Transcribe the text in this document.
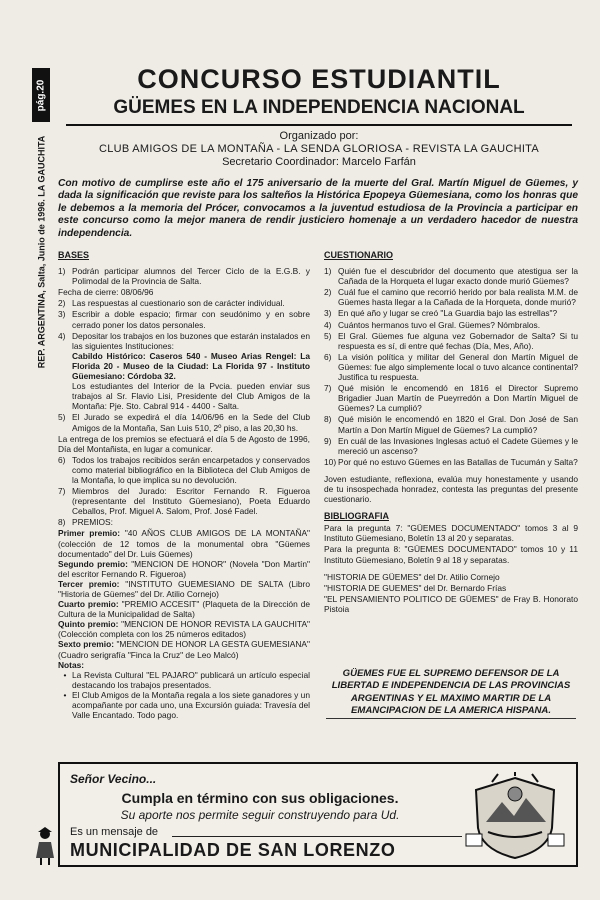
pág.20
REP. ARGENTINA, Salta, Junio de 1996. LA GAUCHITA
CONCURSO ESTUDIANTIL
GÜEMES EN LA INDEPENDENCIA NACIONAL
Organizado por:
CLUB AMIGOS DE LA MONTAÑA - LA SENDA GLORIOSA - REVISTA LA GAUCHITA
Secretario Coordinador: Marcelo Farfán
Con motivo de cumplirse este año el 175 aniversario de la muerte del Gral. Martín Miguel de Güemes, y dada la significación que reviste para los salteños la Histórica Epopeya Güemesiana, como los honras que le debemos a la memoria del Prócer, convocamos a la juventud estudiosa de la Provincia a participar en este concurso como la mejor manera de rendir justiciero homenaje a un verdadero hacedor de nuestra independencia.
BASES
1) Podrán participar alumnos del Tercer Ciclo de la E.G.B. y Polimodal de la Provincia de Salta.
Fecha de cierre: 08/06/96
2) Las respuestas al cuestionario son de carácter individual.
3) Escribir a doble espacio; firmar con seudónimo y en sobre cerrado poner los datos personales.
4) Depositar los trabajos en los buzones que estarán instalados en las siguientes Instituciones:
Cabildo Histórico: Caseros 540 - Museo Arias Rengel: La Florida 20 - Museo de la Ciudad: La Florida 97 - Instituto Güemesiano: Córdoba 32.
Los estudiantes del Interior de la Pvcia. pueden enviar sus trabajos al Sr. Flavio Lisi, Presidente del Club Amigos de la Montaña: Pje. Sto. Cabral 914 - 4400 - Salta.
5) El Jurado se expedirá el día 14/06/96 en la Sede del Club Amigos de la Montaña, San Luis 510, 2º piso, a las 20,30 hs.
La entrega de los premios se efectuará el día 5 de Agosto de 1996, Día del Montañista, en lugar a comunicar.
6) Todos los trabajos recibidos serán encarpetados y conservados como material bibliográfico en la Biblioteca del Club Amigos de la Montaña, lo que implica su no devolución.
7) Miembros del Jurado: Escritor Fernando R. Figueroa (representante del Instituto Güemesiano), Poeta Eduardo Ceballos, Prof. Miguel A. Salom, Prof. José Fadel.
8) PREMIOS:
Primer premio: "40 AÑOS CLUB AMIGOS DE LA MONTAÑA" (colección de 12 tomos de la monumental obra "Güemes documentado" del Dr. Luis Güemes)
Segundo premio: "MENCION DE HONOR" (Novela "Don Martín" del escritor Fernando R. Figueroa)
Tercer premio: "INSTITUTO GUEMESIANO DE SALTA (Libro "Historia de Güemes" del Dr. Atilio Cornejo)
Cuarto premio: "PREMIO ACCESIT" (Plaqueta de la Dirección de Cultura de la Municipalidad de Salta)
Quinto premio: "MENCION DE HONOR REVISTA LA GAUCHITA" (Colección completa con los 25 números editados)
Sexto premio: "MENCION DE HONOR LA GESTA GUEMESIANA" (Cuadro serigrafía "Finca la Cruz" de Leo Malcó)
Notas:
• La Revista Cultural "EL PAJARO" publicará un artículo especial destacando los trabajos presentados.
• El Club Amigos de la Montaña regala a los siete ganadores y un acompañante por cada uno, una Excursión guiada: Travesía del Valle Encantado. Todo pago.
CUESTIONARIO
1) Quién fue el descubridor del documento que atestigua ser la Cañada de la Horqueta el lugar exacto donde murió Güemes?
2) Cuál fue el camino que recorrió herido por bala realista M.M. de Güemes hasta llegar a la Cañada de la Horqueta, donde murió?
3) En qué año y lugar se creó "La Guardia bajo las estrellas"?
4) Cuántos hermanos tuvo el Gral. Güemes? Nómbralos.
5) El Gral. Güemes fue alguna vez Gobernador de Salta? Si tu respuesta es sí, di entre qué fechas (Día, Mes, Año).
6) La visión política y militar del General don Martín Miguel de Güemes: fue algo simplemente local o tuvo alcance continental? Justifica tu respuesta.
7) Qué misión le encomendó en 1816 el Director Supremo Brigadier Juan Martín de Pueyrredón a Don Martín Miguel de Güemes? La cumplió?
8) Qué misión le encomendó en 1820 el Gral. Don José de San Martín a Don Martín Miguel de Güemes? La cumplió?
9) En cuál de las Invasiones Inglesas actuó el Cadete Güemes y le mereció un ascenso?
10) Por qué no estuvo Güemes en las Batallas de Tucumán y Salta?
Joven estudiante, reflexiona, evalúa muy honestamente y usando de tu insospechada honradez, contesta las preguntas del presente cuestionario.
BIBLIOGRAFIA
Para la pregunta 7: "GÜEMES DOCUMENTADO" tomos 3 al 9 Instituto Güemesiano, Boletín 13 al 20 y separatas.
Para la pregunta 8: "GÜEMES DOCUMENTADO" tomos 10 y 11 Instituto Güemesiano, Boletín 9 al 18 y separatas.
"HISTORIA DE GÜEMES" del Dr. Atilio Cornejo
"HISTORIA DE GUEMES" del Dr. Bernardo Frías
"EL PENSAMIENTO POLITICO DE GÜEMES" de Fray B. Honorato Pistoia
GÜEMES FUE EL SUPREMO DEFENSOR DE LA LIBERTAD E INDEPENDENCIA DE LAS PROVINCIAS ARGENTINAS Y EL MAXIMO MARTIR DE LA EMANCIPACION DE LA AMERICA HISPANA.
Señor Vecino...
Cumpla en término con sus obligaciones.
Su aporte nos permite seguir construyendo para Ud.
Es un mensaje de
MUNICIPALIDAD DE SAN LORENZO
